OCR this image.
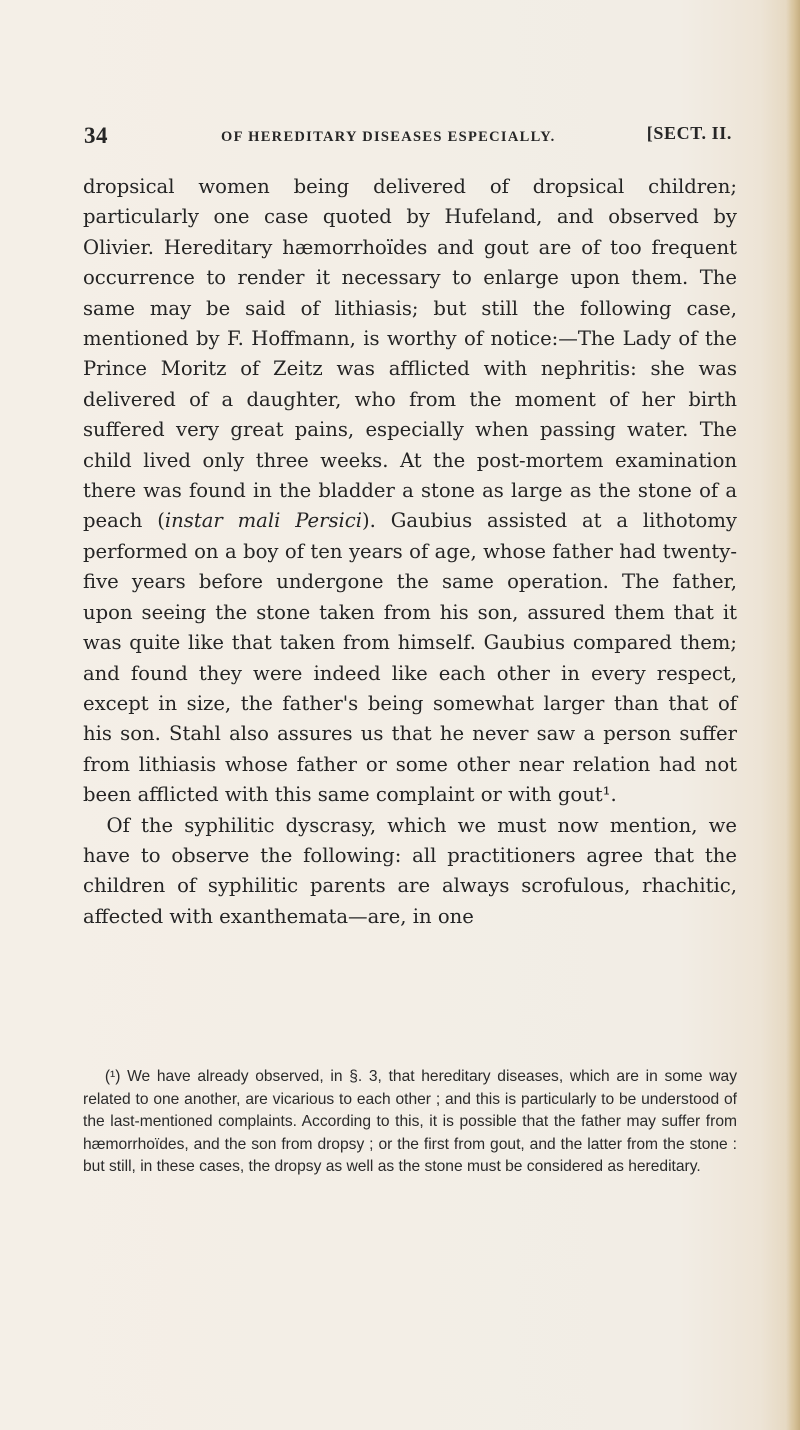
34	OF HEREDITARY DISEASES ESPECIALLY.	[SECT. II.

dropsical women being delivered of dropsical children; particularly one case quoted by Hufeland, and observed by Olivier. Hereditary hæmorrhoïdes and gout are of too frequent occurrence to render it necessary to enlarge upon them. The same may be said of lithiasis; but still the following case, mentioned by F. Hoffmann, is worthy of notice:—The Lady of the Prince Moritz of Zeitz was afflicted with nephritis: she was delivered of a daughter, who from the moment of her birth suffered very great pains, especially when passing water. The child lived only three weeks. At the post-mortem examination there was found in the bladder a stone as large as the stone of a peach (instar mali Persici). Gaubius assisted at a lithotomy performed on a boy of ten years of age, whose father had twenty-five years before undergone the same operation. The father, upon seeing the stone taken from his son, assured them that it was quite like that taken from himself. Gaubius compared them; and found they were indeed like each other in every respect, except in size, the father's being somewhat larger than that of his son. Stahl also assures us that he never saw a person suffer from lithiasis whose father or some other near relation had not been afflicted with this same complaint or with gout¹.

Of the syphilitic dyscrasy, which we must now mention, we have to observe the following: all practitioners agree that the children of syphilitic parents are always scrofulous, rhachitic, affected with exanthemata—are, in one

(¹) We have already observed, in §. 3, that hereditary diseases, which are in some way related to one another, are vicarious to each other ; and this is particularly to be understood of the last-mentioned complaints. According to this, it is possible that the father may suffer from hæmorrhoïdes, and the son from dropsy ; or the first from gout, and the latter from the stone : but still, in these cases, the dropsy as well as the stone must be considered as hereditary.
